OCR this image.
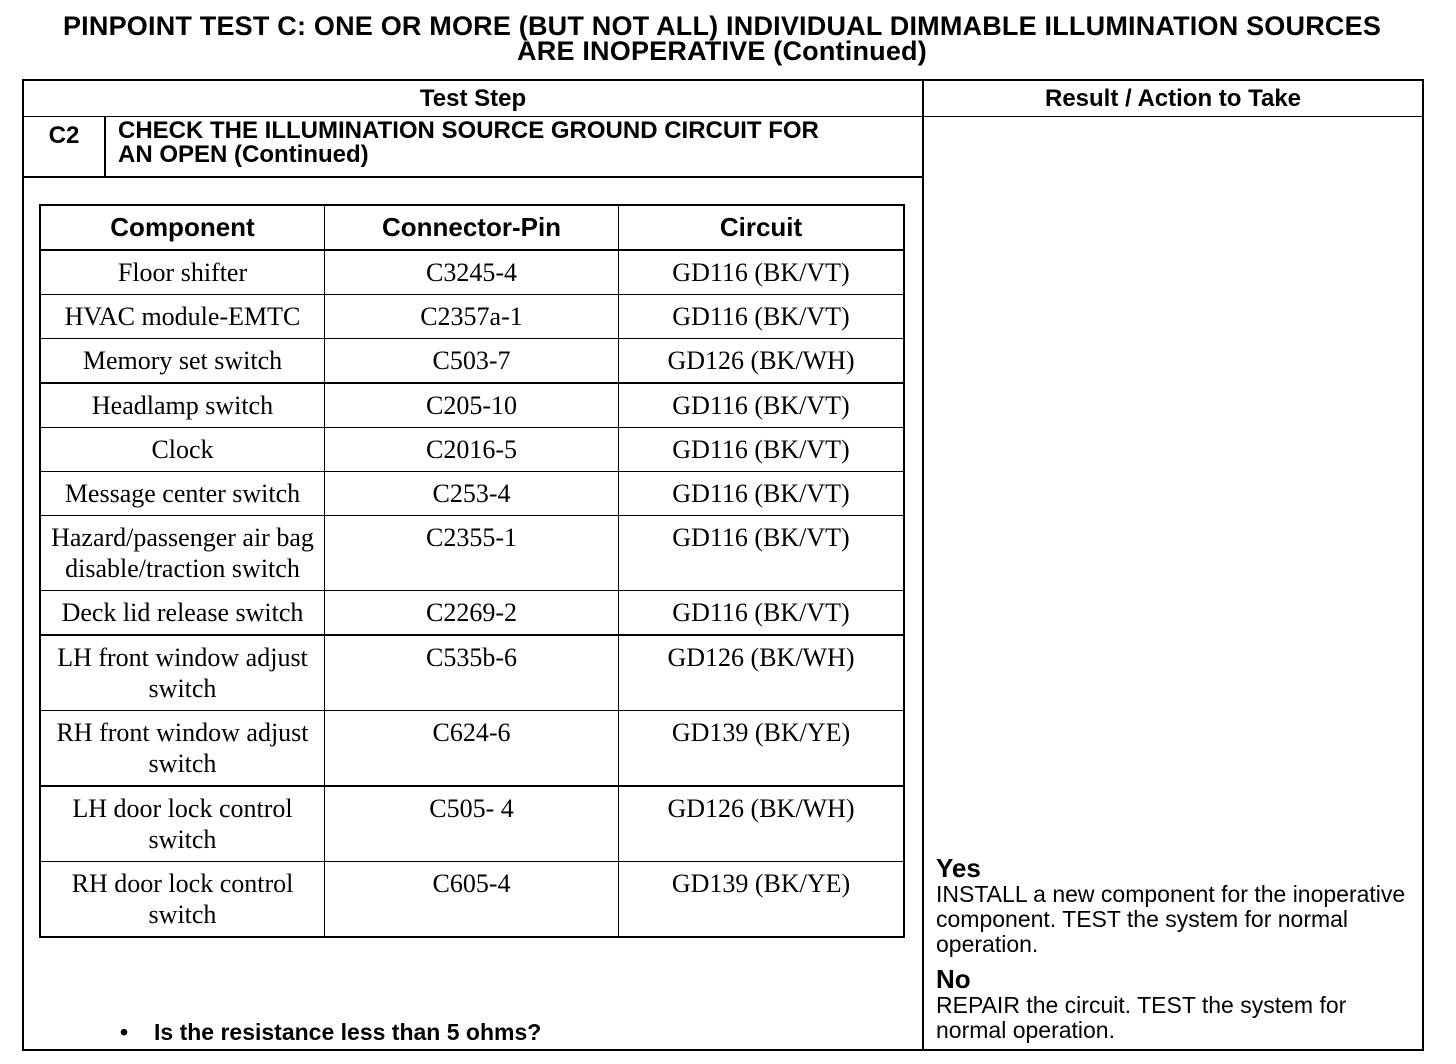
PINPOINT TEST C: ONE OR MORE (BUT NOT ALL) INDIVIDUAL DIMMABLE ILLUMINATION SOURCES
ARE INOPERATIVE (Continued)
Test Step	Result / Action to Take
C2	CHECK THE ILLUMINATION SOURCE GROUND CIRCUIT FOR
AN OPEN (Continued)
Component	Connector-Pin	Circuit
Floor shifter	C3245-4	GD116 (BK/VT)
HVAC module-EMTC	C2357a-1	GD116 (BK/VT)
Memory set switch	C503-7	GD126 (BK/WH)
Headlamp switch	C205-10	GD116 (BK/VT)
Clock	C2016-5	GD116 (BK/VT)
Message center switch	C253-4	GD116 (BK/VT)
Hazard/passenger air bag disable/traction switch	C2355-1	GD116 (BK/VT)
Deck lid release switch	C2269-2	GD116 (BK/VT)
LH front window adjust switch	C535b-6	GD126 (BK/WH)
RH front window adjust switch	C624-6	GD139 (BK/YE)
LH door lock control switch	C505- 4	GD126 (BK/WH)
RH door lock control switch	C605-4	GD139 (BK/YE)
• Is the resistance less than 5 ohms?
Yes
INSTALL a new component for the inoperative component. TEST the system for normal operation.
No
REPAIR the circuit. TEST the system for normal operation.
